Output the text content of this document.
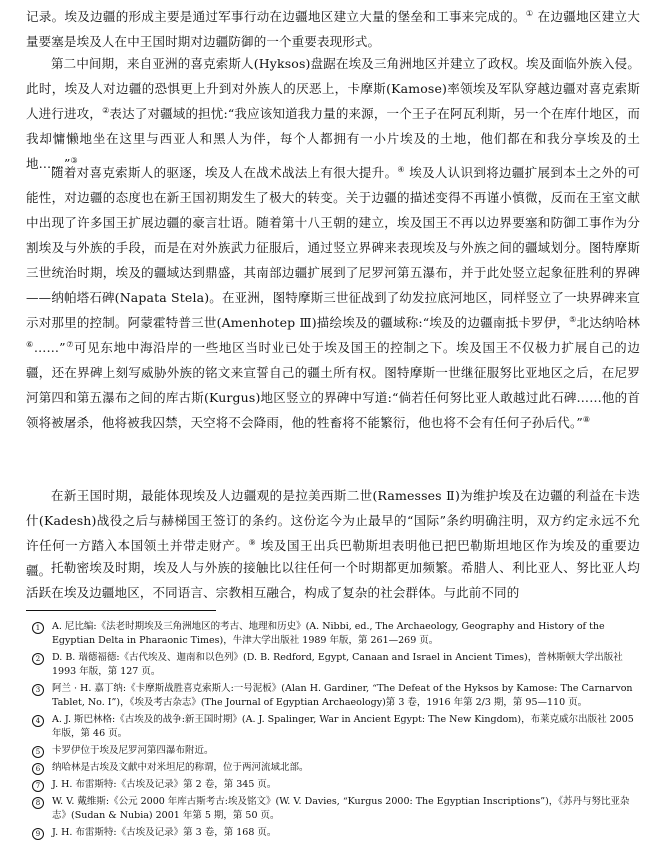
记录。埃及边疆的形成主要是通过军事行动在边疆地区建立大量的堡垒和工事来完成的。① 在边疆地区建立大量要塞是埃及人在中王国时期对边疆防御的一个重要表现形式。
第二中间期，来自亚洲的喜克索斯人(Hyksos)盘踞在埃及三角洲地区并建立了政权。埃及面临外族入侵。此时，埃及人对边疆的恐惧更上升到对外族人的厌恶上，卡摩斯(Kamose)率领埃及军队穿越边疆对喜克索斯人进行进攻，②表达了对疆域的担忧:“我应该知道我力量的来源，一个王子在阿瓦利斯，另一个在库什地区，而我却慵懒地坐在这里与西亚人和黑人为伴，每个人都拥有一小片埃及的土地，他们都在和我分享埃及的土地……”③
随着对喜克索斯人的驱逐，埃及人在战术战法上有很大提升。④ 埃及人认识到将边疆扩展到本土之外的可能性，对边疆的态度也在新王国初期发生了极大的转变。关于边疆的描述变得不再谨小慎微，反而在王室文献中出现了许多国王扩展边疆的豪言壮语。随着第十八王朝的建立，埃及国王不再以边界要塞和防御工事作为分割埃及与外族的手段，而是在对外族武力征服后，通过竖立界碑来表现埃及与外族之间的疆域划分。图特摩斯三世统治时期，埃及的疆域达到鼎盛，其南部边疆扩展到了尼罗河第五瀑布，并于此处竖立起象征胜利的界碑——纳帕塔石碑(Napata Stela)。在亚洲，图特摩斯三世征战到了幼发拉底河地区，同样竖立了一块界碑来宣示对那里的控制。阿蒙霍特普三世(Amenhotep Ⅲ)描绘埃及的疆域称:“埃及的边疆南抵卡罗伊，⑤北达纳哈林⑥……”⑦可见东地中海沿岸的一些地区当时业已处于埃及国王的控制之下。埃及国王不仅极力扩展自己的边疆，还在界碑上刻写威胁外族的铭文来宣誓自己的疆土所有权。图特摩斯一世继征服努比亚地区之后，在尼罗河第四和第五瀑布之间的库古斯(Kurgus)地区竖立的界碑中写道:“倘若任何努比亚人敢越过此石碑……他的首领将被屠杀，他将被我囚禁，天空将不会降雨，他的牲畜将不能繁衍，他也将不会有任何子孙后代。”⑧
在新王国时期，最能体现埃及人边疆观的是拉美西斯二世(Ramesses Ⅱ)为维护埃及在边疆的利益在卡迭什(Kadesh)战役之后与赫梯国王签订的条约。这份迄今为止最早的“国际”条约明确注明，双方约定永远不允许任何一方踏入本国领土并带走财产。⑨ 埃及国王出兵巴勒斯坦表明他已把巴勒斯坦地区作为埃及的重要边疆。 托勒密埃及时期，埃及人与外族的接触比以往任何一个时期都更加频繁。希腊人、利比亚人、努比亚人均活跃在埃及边疆地区，不同语言、宗教相互融合，构成了复杂的社会群体。与此前不同的
1	A. 尼比编:《法老时期埃及三角洲地区的考古、地理和历史》(A. Nibbi, ed., The Archaeology, Geography and History of the Egyptian Delta in Pharaonic Times)，牛津大学出版社 1989 年版，第 261—269 页。
2	D. B. 瑞德福德:《古代埃及、迦南和以色列》(D. B. Redford, Egypt, Canaan and Israel in Ancient Times)，普林斯顿大学出版社 1993 年版，第 127 页。
3	阿兰 · H. 嘉丁纳:《卡摩斯战胜喜克索斯人:一号泥板》(Alan H. Gardiner, “The Defeat of the Hyksos by Kamose: The Carnarvon Tablet, No. I”)，《埃及考古杂志》(The Journal of Egyptian Archaeology)第 3 卷，1916 年第 2/3 期，第 95—110 页。
4	A. J. 斯巴林格:《古埃及的战争:新王国时期》(A. J. Spalinger, War in Ancient Egypt: The New Kingdom)，布莱克威尔出版社 2005 年版，第 46 页。
5	卡罗伊位于埃及尼罗河第四瀑布附近。
6	纳哈林是古埃及文献中对米坦尼的称谓，位于两河流域北部。
7	J. H. 布雷斯特:《古埃及记录》第 2 卷，第 345 页。
8	W. V. 戴维斯:《公元 2000 年库古斯考古:埃及铭文》(W. V. Davies, “Kurgus 2000: The Egyptian Inscriptions”)，《苏丹与努比亚杂志》(Sudan & Nubia) 2001 年第 5 期，第 50 页。
9	J. H. 布雷斯特:《古埃及记录》第 3 卷，第 168 页。
